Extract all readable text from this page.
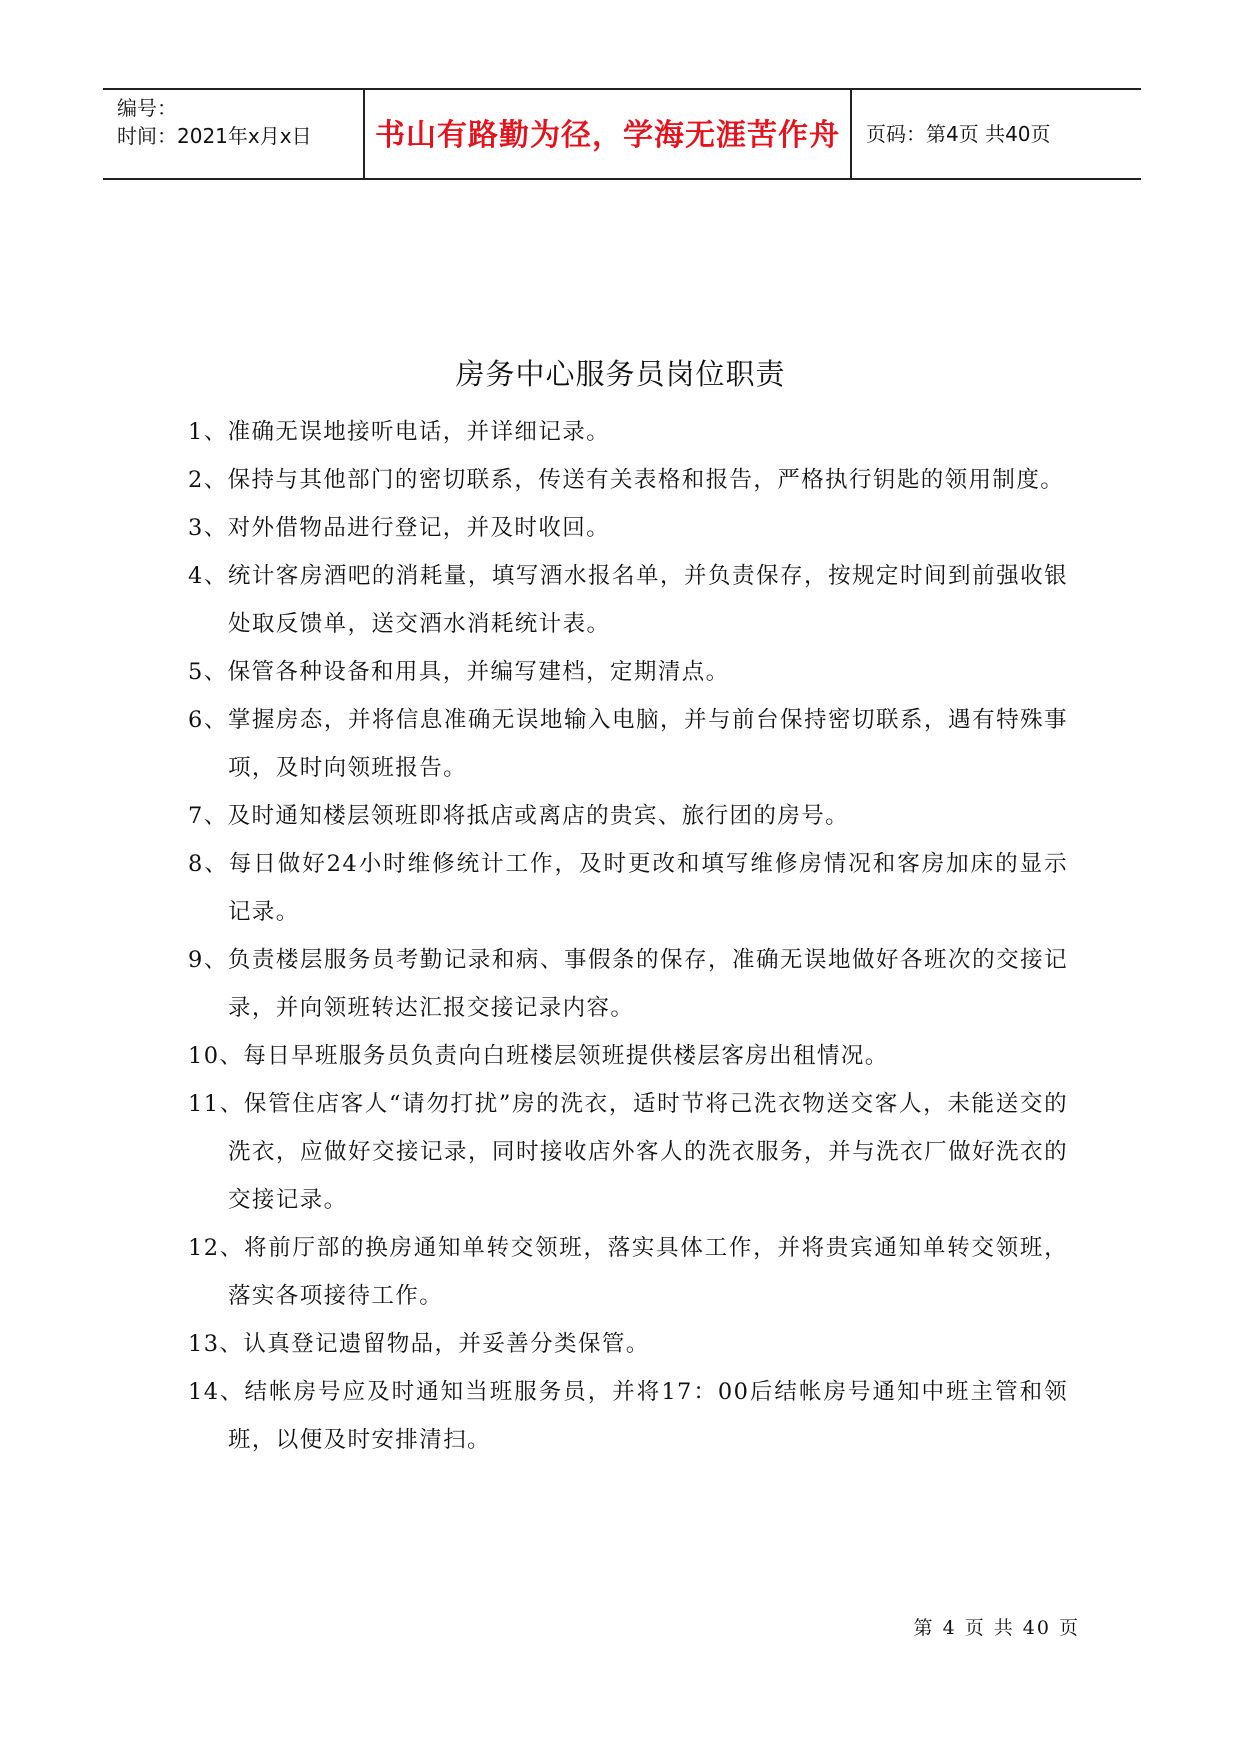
编号：
时间：2021年x月x日	书山有路勤为径，学海无涯苦作舟	页码：第4页 共40页
房务中心服务员岗位职责
1、准确无误地接听电话，并详细记录。
2、保持与其他部门的密切联系，传送有关表格和报告，严格执行钥匙的领用制度。
3、对外借物品进行登记，并及时收回。
4、统计客房酒吧的消耗量，填写酒水报名单，并负责保存，按规定时间到前强收银处取反馈单，送交酒水消耗统计表。
5、保管各种设备和用具，并编写建档，定期清点。
6、掌握房态，并将信息准确无误地输入电脑，并与前台保持密切联系，遇有特殊事项，及时向领班报告。
7、及时通知楼层领班即将抵店或离店的贵宾、旅行团的房号。
8、每日做好24小时维修统计工作，及时更改和填写维修房情况和客房加床的显示记录。
9、负责楼层服务员考勤记录和病、事假条的保存，准确无误地做好各班次的交接记录，并向领班转达汇报交接记录内容。
10、每日早班服务员负责向白班楼层领班提供楼层客房出租情况。
11、保管住店客人“请勿打扰”房的洗衣，适时节将己洗衣物送交客人，未能送交的洗衣，应做好交接记录，同时接收店外客人的洗衣服务，并与洗衣厂做好洗衣的交接记录。
12、将前厅部的换房通知单转交领班，落实具体工作，并将贵宾通知单转交领班，落实各项接待工作。
13、认真登记遗留物品，并妥善分类保管。
14、结帐房号应及时通知当班服务员，并将17：00后结帐房号通知中班主管和领班，以便及时安排清扫。
第 4 页 共 40 页
